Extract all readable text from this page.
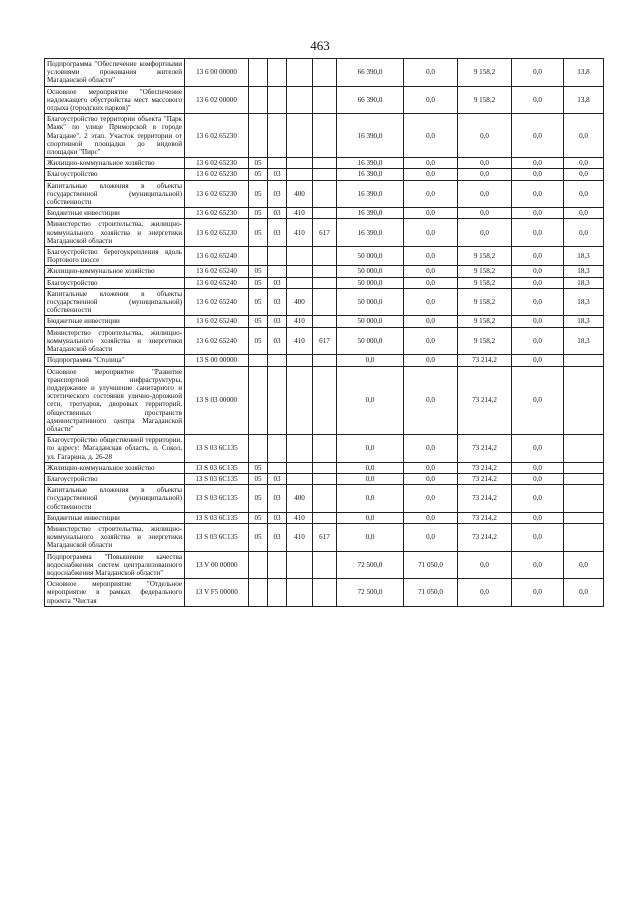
463
Подпрограмма "Обеспечение комфортными условиями проживания жителей Магаданской области"	13 6 00 00000					66 390,0	0,0	9 158,2	0,0	13,8
Основное мероприятие "Обеспечение надлежащего обустройства мест массового отдыха (городских парков)"	13 6 02 00000					66 390,0	0,0	9 158,2	0,0	13,8
Благоустройство территории объекта "Парк Маяк" по улице Приморской в городе Магадане". 2 этап. Участок территории от спортивной площадки до видовой площадки "Пирс"	13 6 02 65230					16 390,0	0,0	0,0	0,0	0,0
Жилищно-коммунальное хозяйство	13 6 02 65230	05				16 390,0	0,0	0,0	0,0	0,0
Благоустройство	13 6 02 65230	05	03			16 390,0	0,0	0,0	0,0	0,0
Капитальные вложения в объекты государственной (муниципальной) собственности	13 6 02 65230	05	03	400		16 390,0	0,0	0,0	0,0	0,0
Бюджетные инвестиции	13 6 02 65230	05	03	410		16 390,0	0,0	0,0	0,0	0,0
Министерство строительства, жилищно-коммунального хозяйства и энергетики Магаданской области	13 6 02 65230	05	03	410	617	16 390,0	0,0	0,0	0,0	0,0
Благоустройство берегоукрепления вдоль Портового шоссе	13 6 02 65240					50 000,0	0,0	9 158,2	0,0	18,3
Жилищно-коммунальное хозяйство	13 6 02 65240	05				50 000,0	0,0	9 158,2	0,0	18,3
Благоустройство	13 6 02 65240	05	03			50 000,0	0,0	9 158,2	0,0	18,3
Капитальные вложения в объекты государственной (муниципальной) собственности	13 6 02 65240	05	03	400		50 000,0	0,0	9 158,2	0,0	18,3
Бюджетные инвестиции	13 6 02 65240	05	03	410		50 000,0	0,0	9 158,2	0,0	18,3
Министерство строительства, жилищно-коммунального хозяйства и энергетики Магаданской области	13 6 02 65240	05	03	410	617	50 000,0	0,0	9 158,2	0,0	18,3
Подпрограмма "Столица"	13 S 00 00000					0,0	0,0	73 214,2	0,0	
Основное мероприятие "Развитие транспортной инфраструктуры, поддержание и улучшение санитарного и эстетического состояния улично-дорожной сети, тротуаров, дворовых территорий, общественных пространств административного центра Магаданской области"	13 S 03 00000					0,0	0,0	73 214,2	0,0	
Благоустройство общественной территории, по адресу: Магаданская область, п. Сокол, ул. Гагарина, д. 26-28	13 S 03 6C135					0,0	0,0	73 214,2	0,0	
Жилищно-коммунальное хозяйство	13 S 03 6C135	05				0,0	0,0	73 214,2	0,0	
Благоустройство	13 S 03 6C135	05	03			0,0	0,0	73 214,2	0,0	
Капитальные вложения в объекты государственной (муниципальной) собственности	13 S 03 6C135	05	03	400		0,0	0,0	73 214,2	0,0	
Бюджетные инвестиции	13 S 03 6C135	05	03	410		0,0	0,0	73 214,2	0,0	
Министерство строительства, жилищно-коммунального хозяйства и энергетики Магаданской области	13 S 03 6C135	05	03	410	617	0,0	0,0	73 214,2	0,0	
Подпрограмма "Повышение качества водоснабжения систем централизованного водоснабжения Магаданской области"	13 V 00 00000					72 500,0	71 050,0	0,0	0,0	0,0
Основное мероприятие "Отдельное мероприятие в рамках федерального проекта "Чистая	13 V F5 00000					72 500,0	71 050,0	0,0	0,0	0,0
